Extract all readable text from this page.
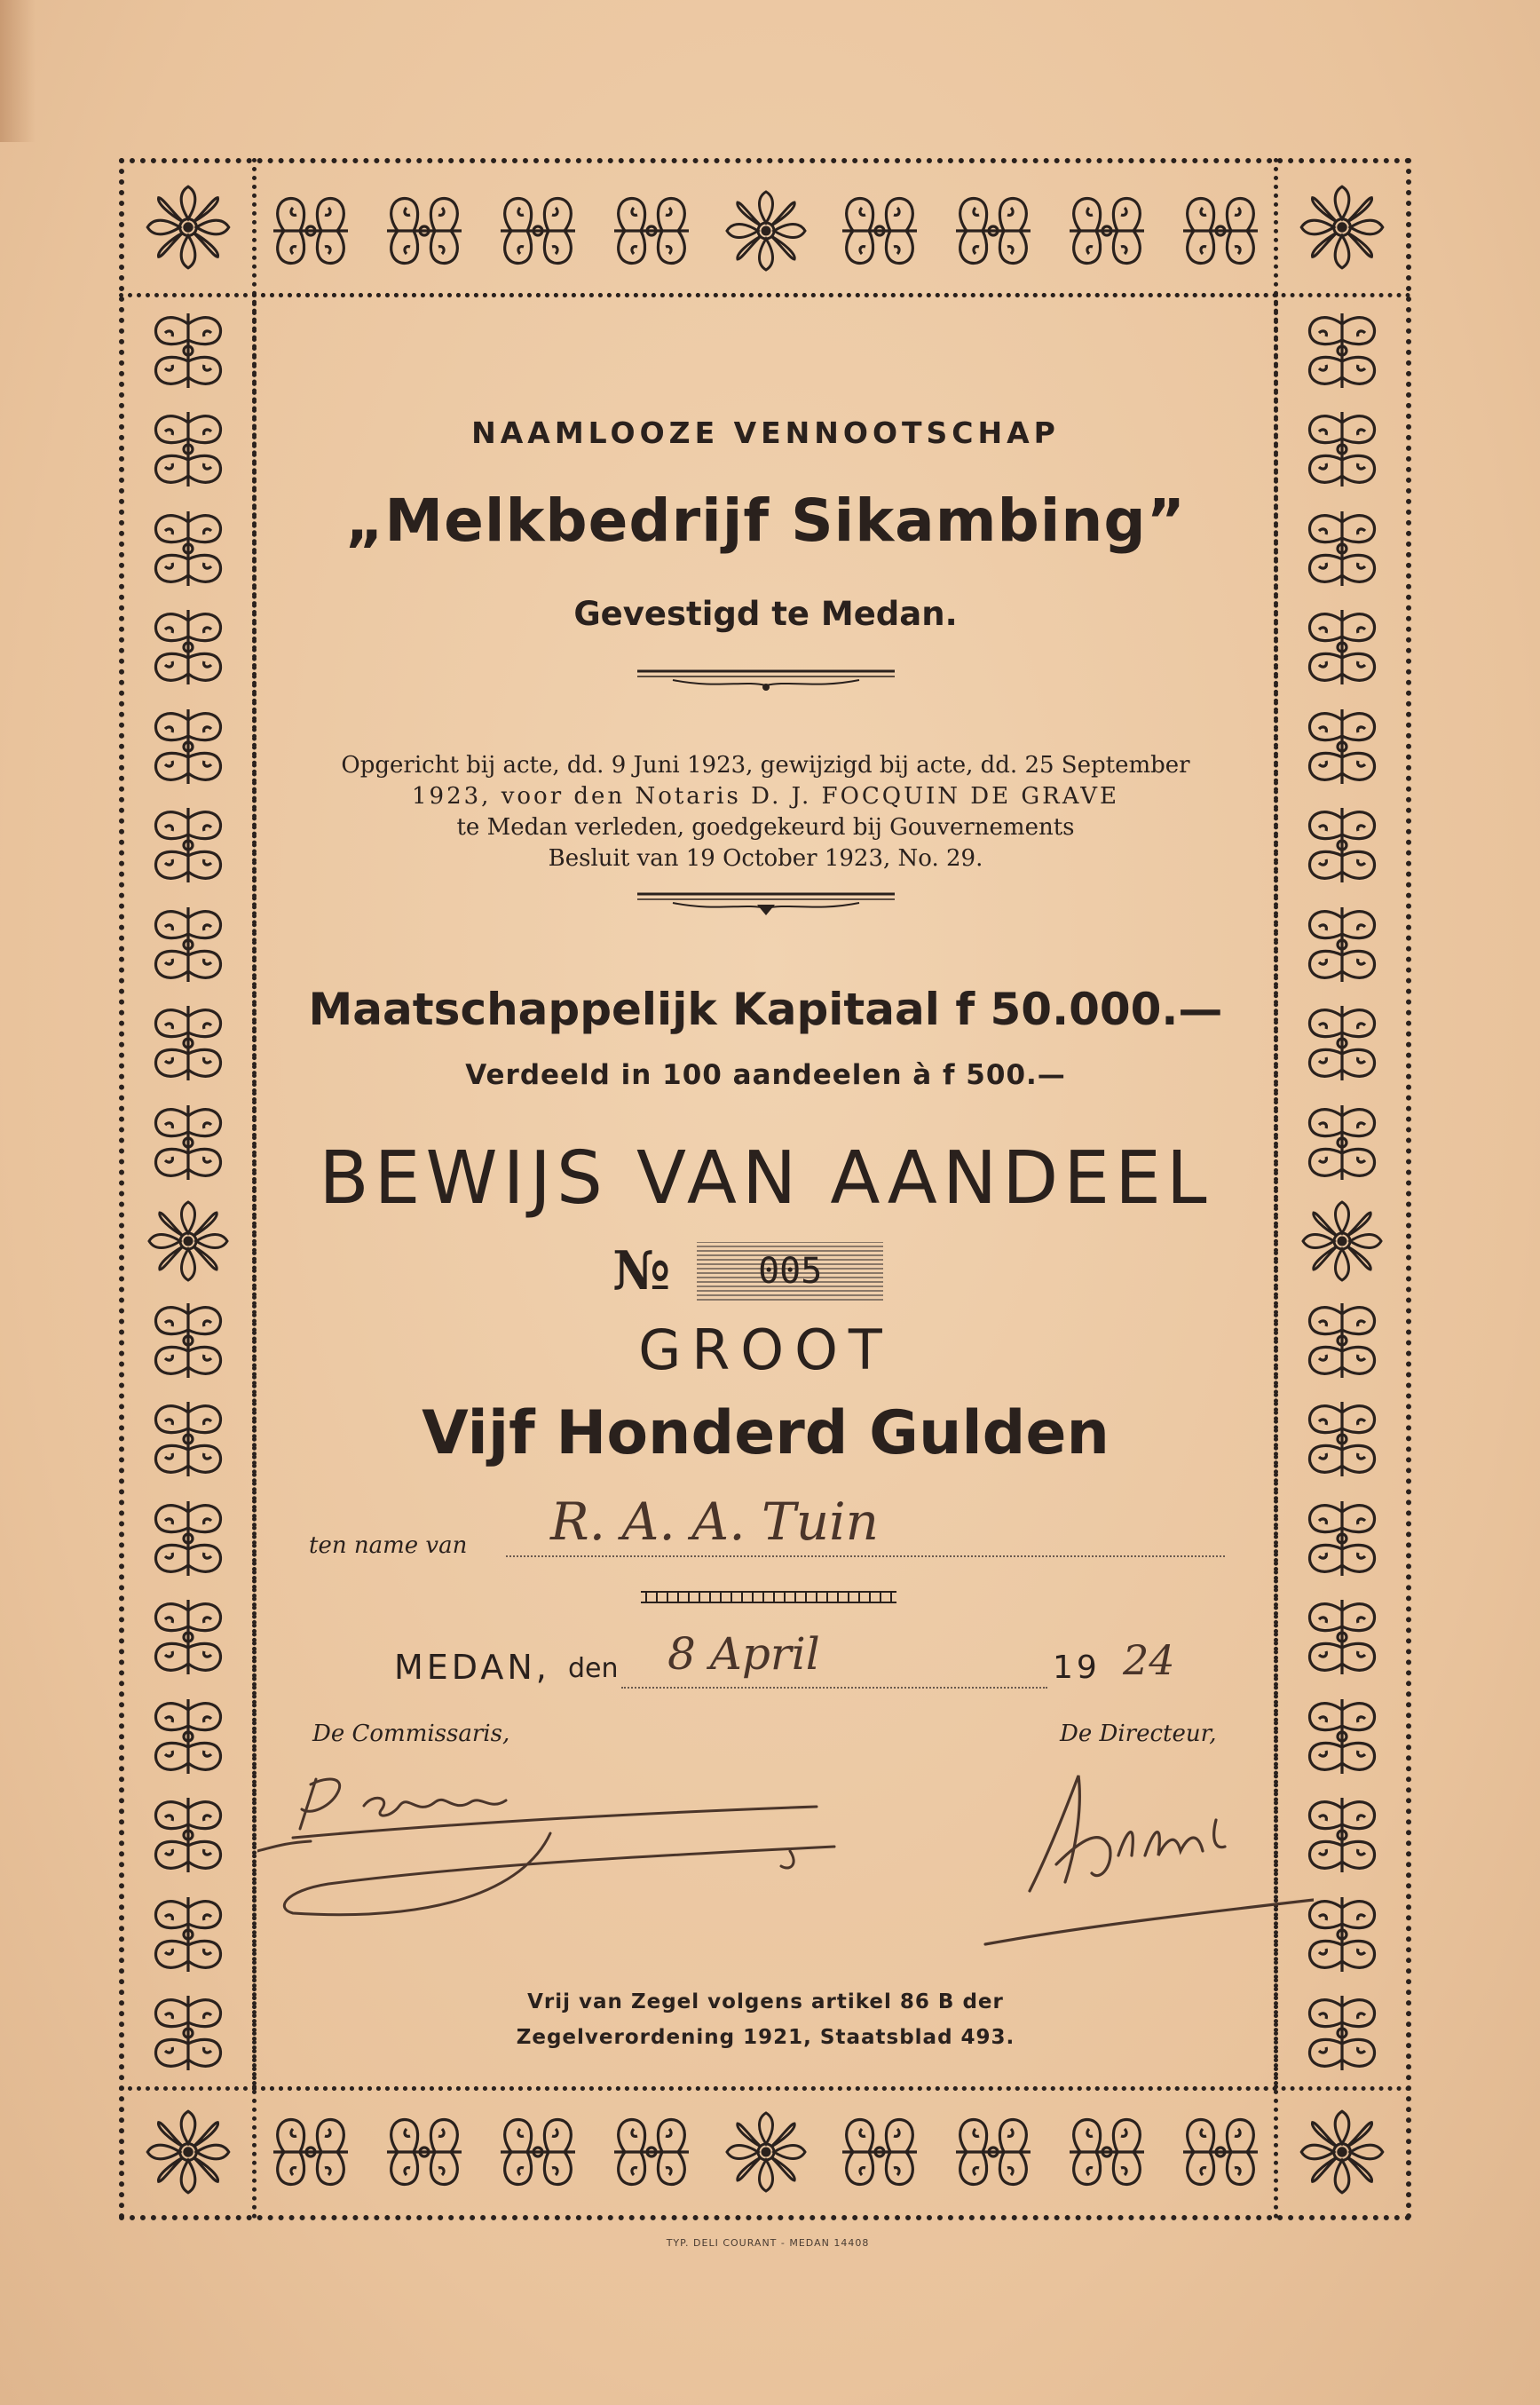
NAAMLOOZE VENNOOTSCHAP
„Melkbedrijf Sikambing”
Gevestigd te Medan.
Opgericht bij acte, dd. 9 Juni 1923, gewijzigd bij acte, dd. 25 September
1923, voor den Notaris D. J. FOCQUIN DE GRAVE
te Medan verleden, goedgekeurd bij Gouvernements
Besluit van 19 October 1923, No. 29.
Maatschappelijk Kapitaal f 50.000.—
Verdeeld in 100 aandeelen à f 500.—
BEWIJS VAN AANDEEL
№ 005
GROOT
Vijf Honderd Gulden
ten name van R. A. A. Tuin
MEDAN, den 8 April	19 24
De Commissaris,	De Directeur,
Vrij van Zegel volgens artikel 86 B der
Zegelverordening 1921, Staatsblad 493.
TYP. DELI COURANT - MEDAN 14408
